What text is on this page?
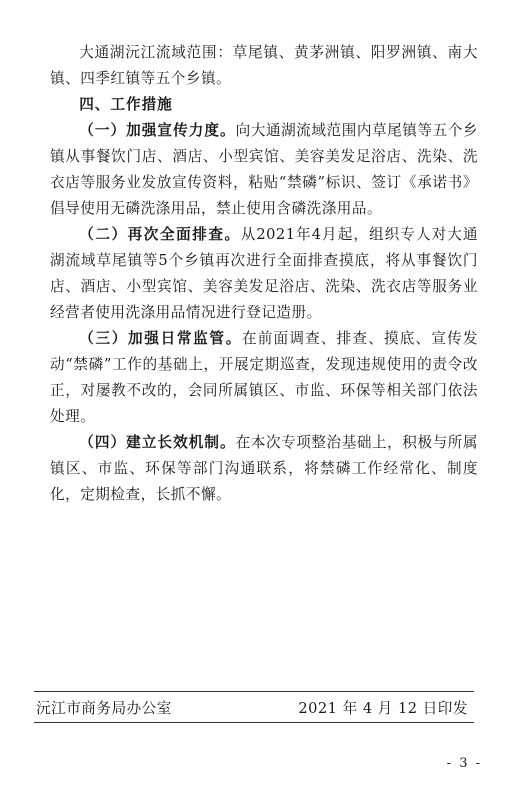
大通湖沅江流域范围：草尾镇、黄茅洲镇、阳罗洲镇、南大镇、四季红镇等五个乡镇。

四、工作措施

（一）加强宣传力度。向大通湖流域范围内草尾镇等五个乡镇从事餐饮门店、酒店、小型宾馆、美容美发足浴店、洗染、洗衣店等服务业发放宣传资料，粘贴“禁磷”标识、签订《承诺书》倡导使用无磷洗涤用品，禁止使用含磷洗涤用品。

（二）再次全面排查。从2021年4月起，组织专人对大通湖流域草尾镇等5个乡镇再次进行全面排查摸底，将从事餐饮门店、酒店、小型宾馆、美容美发足浴店、洗染、洗衣店等服务业经营者使用洗涤用品情况进行登记造册。

（三）加强日常监管。在前面调查、排查、摸底、宣传发动“禁磷”工作的基础上，开展定期巡查，发现违规使用的责令改正，对屡教不改的，会同所属镇区、市监、环保等相关部门依法处理。

（四）建立长效机制。在本次专项整治基础上，积极与所属镇区、市监、环保等部门沟通联系，将禁磷工作经常化、制度化，定期检查，长抓不懈。

沅江市商务局办公室	2021 年 4 月 12 日印发
- 3 -
